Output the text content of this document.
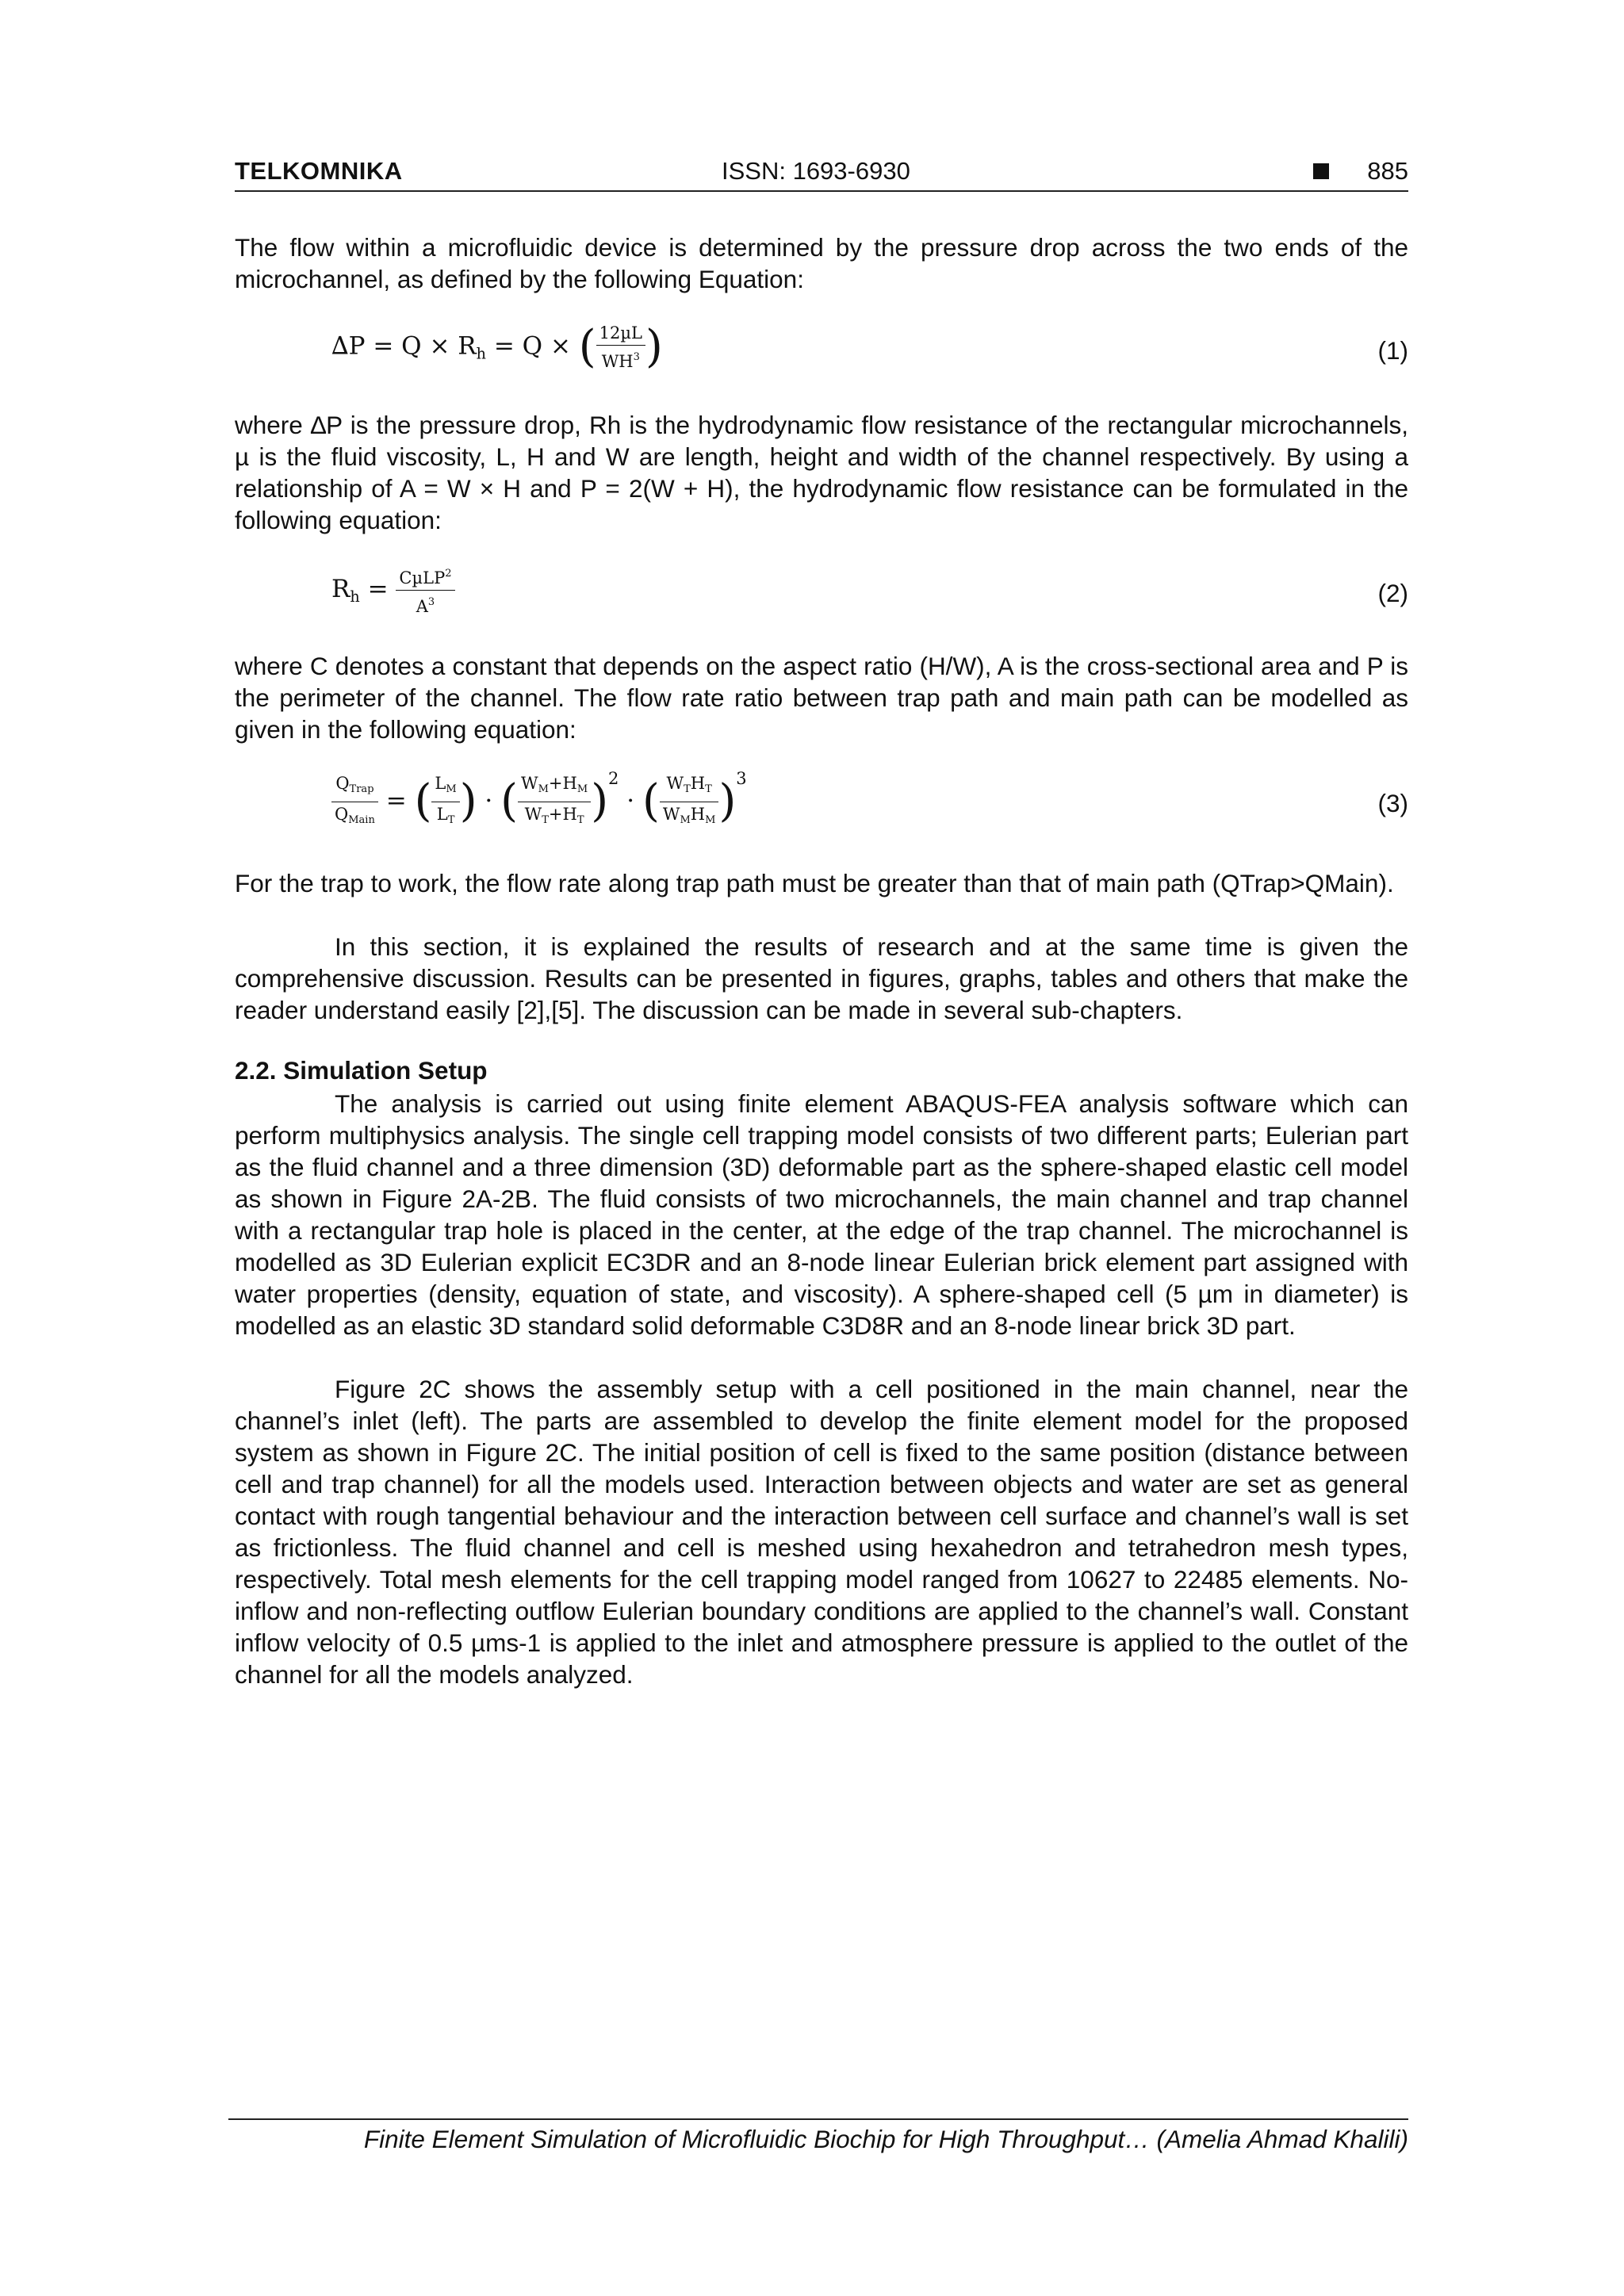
TELKOMNIKA	ISSN: 1693-6930	885

The flow within a microfluidic device is determined by the pressure drop across the two ends of the microchannel, as defined by the following Equation:

$\Delta P = Q \times R_h = Q$ × ( $\frac{\text{12µL}}{WH^3}$ )	(1)

where ∆P is the pressure drop, Rh is the hydrodynamic flow resistance of the rectangular microchannels, µ is the fluid viscosity, L, H and W are length, height and width of the channel respectively. By using a relationship of A = W × H and P = 2(W + H), the hydrodynamic flow resistance can be formulated in the following equation:

$R_h = \frac{C\mu LP^2}{A^3}$	(2)

where C denotes a constant that depends on the aspect ratio (H/W), A is the cross-sectional area and P is the perimeter of the channel. The flow rate ratio between trap path and main path can be modelled as given in the following equation:

$\frac{Q_{Trap}}{Q_{Main}}$ = ( $\frac{L_M}{L_T}$ ) · ( $\frac{W_M+H_M}{W_T+H_T} )2$ · ( $\frac{W_TH_T}{W_MH_M} )3$
(3)

For the trap to work, the flow rate along trap path must be greater than that of main path (QTrap>QMain).

In this section, it is explained the results of research and at the same time is given the comprehensive discussion. Results can be presented in figures, graphs, tables and others that make the reader understand easily [2],[5]. The discussion can be made in several sub-chapters.

2.2. Simulation Setup

The analysis is carried out using finite element ABAQUS-FEA analysis software which can perform multiphysics analysis. The single cell trapping model consists of two different parts; Eulerian part as the fluid channel and a three dimension (3D) deformable part as the sphere-shaped elastic cell model as shown in Figure 2A-2B. The fluid consists of two microchannels, the main channel and trap channel with a rectangular trap hole is placed in the center, at the edge of the trap channel. The microchannel is modelled as 3D Eulerian explicit EC3DR and an 8-node linear Eulerian brick element part assigned with water properties (density, equation of state, and viscosity). A sphere-shaped cell (5 µm in diameter) is modelled as an elastic 3D standard solid deformable C3D8R and an 8-node linear brick 3D part.

Figure 2C shows the assembly setup with a cell positioned in the main channel, near the channel’s inlet (left). The parts are assembled to develop the finite element model for the proposed system as shown in Figure 2C. The initial position of cell is fixed to the same position (distance between cell and trap channel) for all the models used. Interaction between objects and water are set as general contact with rough tangential behaviour and the interaction between cell surface and channel’s wall is set as frictionless. The fluid channel and cell is meshed using hexahedron and tetrahedron mesh types, respectively. Total mesh elements for the cell trapping model ranged from 10627 to 22485 elements. No-inflow and non-reflecting outflow Eulerian boundary conditions are applied to the channel’s wall. Constant inflow velocity of 0.5 µms-1 is applied to the inlet and atmosphere pressure is applied to the outlet of the channel for all the models analyzed.

Finite Element Simulation of Microfluidic Biochip for High Throughput… (Amelia Ahmad Khalili)
